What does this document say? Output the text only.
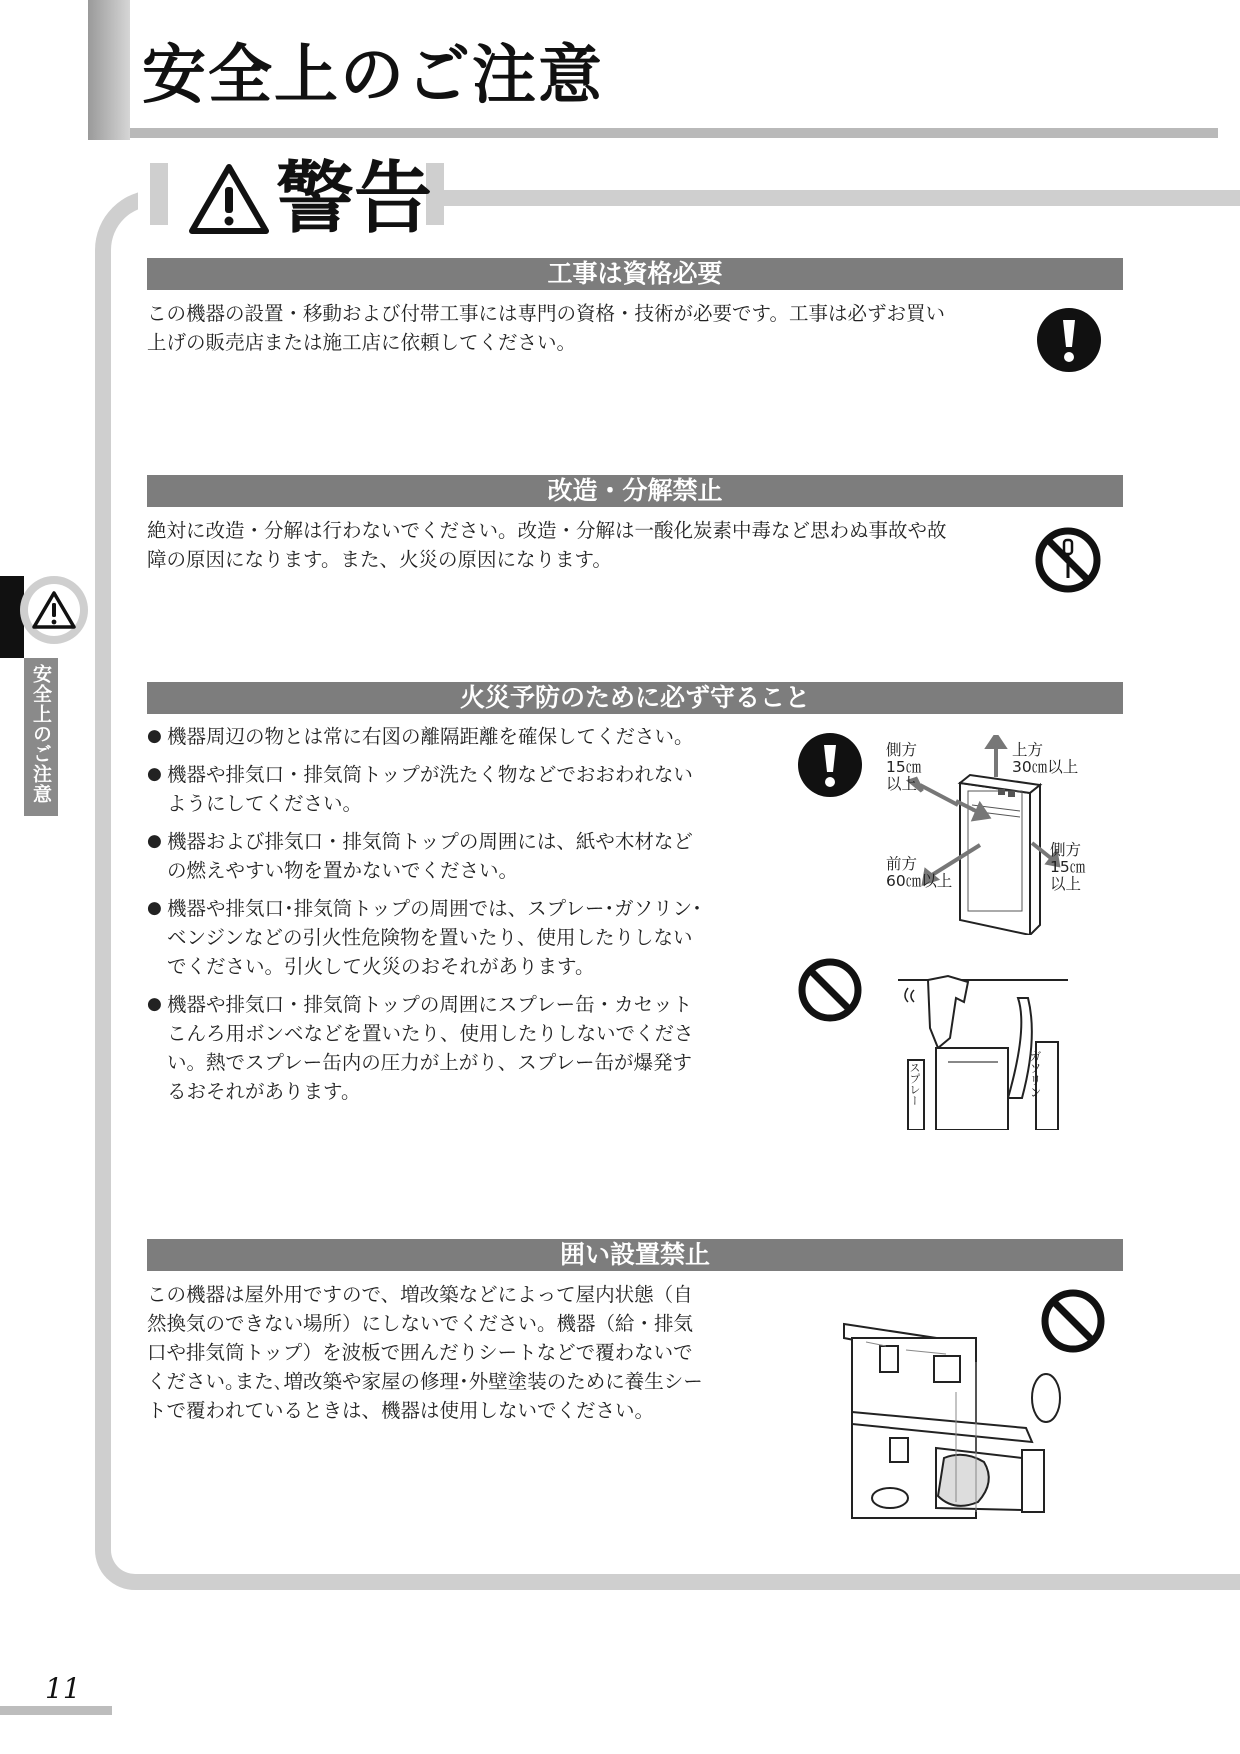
安全上のご注意
警告
工事は資格必要
この機器の設置・移動および付帯工事には専門の資格・技術が必要です。工事は必ずお買い
上げの販売店または施工店に依頼してください。
改造・分解禁止
絶対に改造・分解は行わないでください。改造・分解は一酸化炭素中毒など思わぬ事故や故
障の原因になります。また、火災の原因になります。
安全上のご注意	火災予防のために必ず守ること
● 機器周辺の物とは常に右図の離隔距離を確保してください。
● 機器や排気口・排気筒トップが洗たく物などでおおわれない
ようにしてください。
● 機器および排気口・排気筒トップの周囲には、紙や木材など
の燃えやすい物を置かないでください。
● 機器や排気口･排気筒トップの周囲では、スプレー･ガソリン･
ベンジンなどの引火性危険物を置いたり、使用したりしない
でください。引火して火災のおそれがあります。
● 機器や排気口・排気筒トップの周囲にスプレー缶・カセット
こんろ用ボンベなどを置いたり、使用したりしないでくださ
い。熱でスプレー缶内の圧力が上がり、スプレー缶が爆発す
るおそれがあります。
側方
15㎝
以上
上方
30㎝以上
前方
60㎝以上
側方
15㎝
以上
スプレー	ガソリン
囲い設置禁止
この機器は屋外用ですので、増改築などによって屋内状態（自
然換気のできない場所）にしないでください。機器（給・排気
口や排気筒トップ）を波板で囲んだりシートなどで覆わないで
ください｡また､増改築や家屋の修理･外壁塗装のために養生シー
トで覆われているときは、機器は使用しないでください。
11
